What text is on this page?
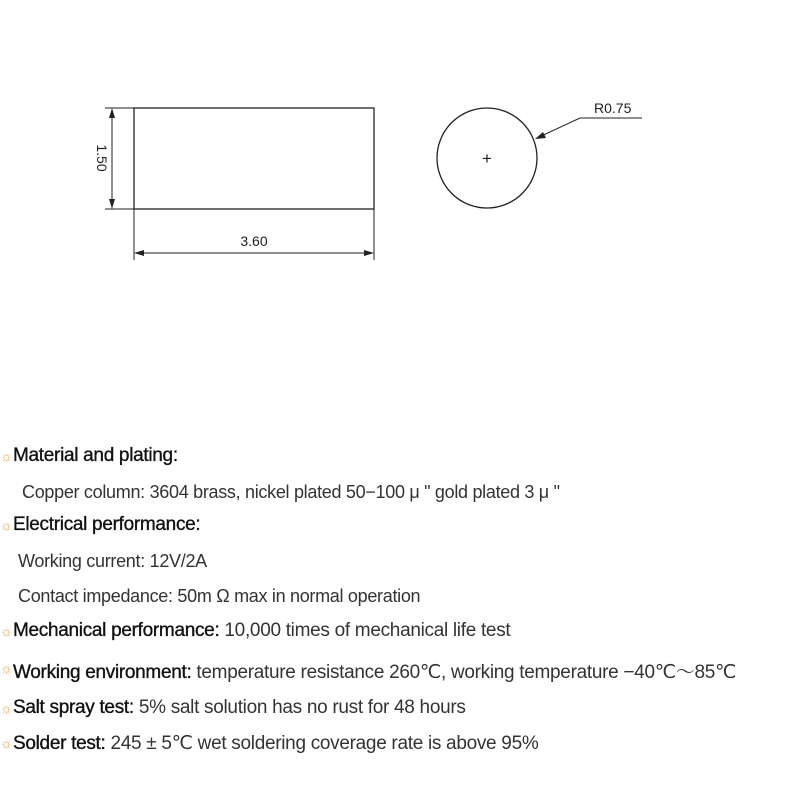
1.50
3.60
+
R0.75
☼ Material and plating:
Copper column: 3604 brass, nickel plated 50−100 μ " gold plated 3 μ "
☼ Electrical performance:
Working current: 12V/2A
Contact impedance: 50m Ω max in normal operation
☼ Mechanical performance: 10,000 times of mechanical life test
☼ Working environment: temperature resistance 260℃, working temperature −40℃～85℃
☼ Salt spray test: 5% salt solution has no rust for 48 hours
☼ Solder test: 245 ± 5℃ wet soldering coverage rate is above 95%
